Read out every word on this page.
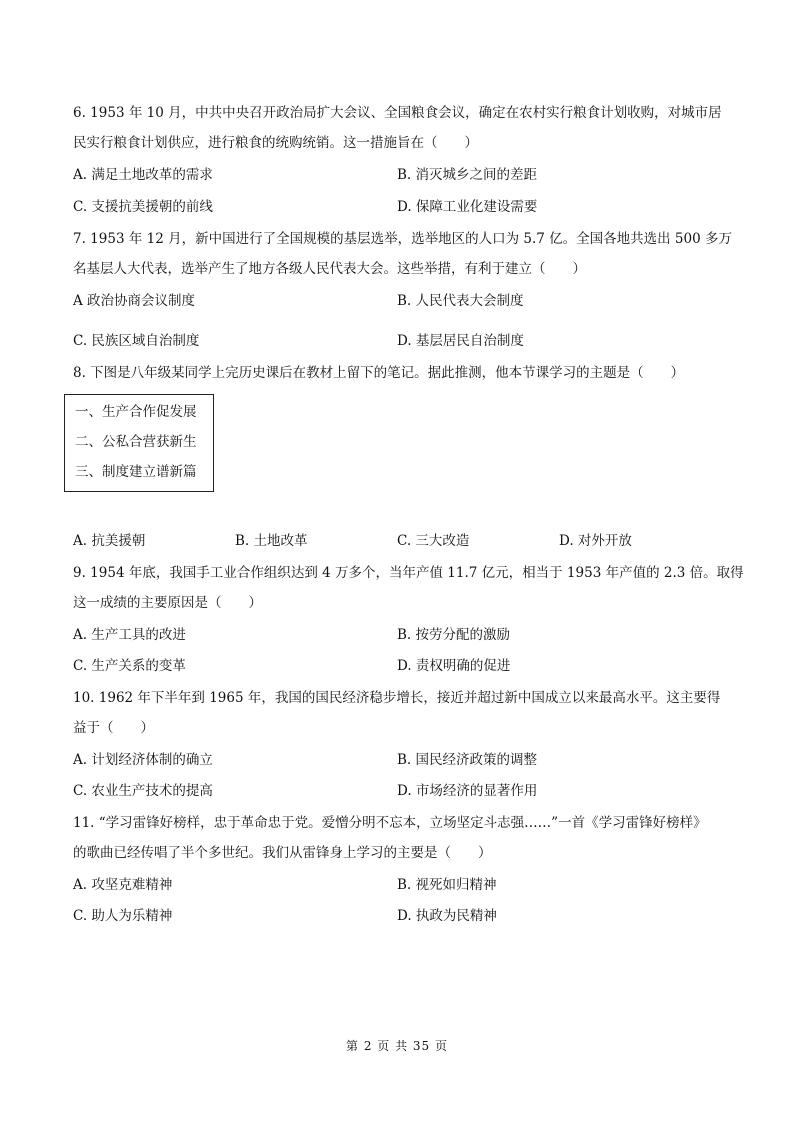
6. 1953 年 10 月，中共中央召开政治局扩大会议、全国粮食会议，确定在农村实行粮食计划收购，对城市居
民实行粮食计划供应，进行粮食的统购统销。这一措施旨在（　　）
A. 满足土地改革的需求	B. 消灭城乡之间的差距
C. 支援抗美援朝的前线	D. 保障工业化建设需要
7. 1953 年 12 月，新中国进行了全国规模的基层选举，选举地区的人口为 5.7 亿。全国各地共选出 500 多万
名基层人大代表，选举产生了地方各级人民代表大会。这些举措，有利于建立（　　）
A 政治协商会议制度	B. 人民代表大会制度
C. 民族区域自治制度	D. 基层居民自治制度
8. 下图是八年级某同学上完历史课后在教材上留下的笔记。据此推测，他本节课学习的主题是（　　）
一、生产合作促发展
二、公私合营获新生
三、制度建立谱新篇
A. 抗美援朝	B. 土地改革	C. 三大改造	D. 对外开放
9. 1954 年底，我国手工业合作组织达到 4 万多个，当年产值 11.7 亿元，相当于 1953 年产值的 2.3 倍。取得
这一成绩的主要原因是（　　）
A. 生产工具的改进	B. 按劳分配的激励
C. 生产关系的变革	D. 责权明确的促进
10. 1962 年下半年到 1965 年，我国的国民经济稳步增长，接近并超过新中国成立以来最高水平。这主要得
益于（　　）
A. 计划经济体制的确立	B. 国民经济政策的调整
C. 农业生产技术的提高	D. 市场经济的显著作用
11. “学习雷锋好榜样，忠于革命忠于党。爱憎分明不忘本，立场坚定斗志强……”一首《学习雷锋好榜样》
的歌曲已经传唱了半个多世纪。我们从雷锋身上学习的主要是（　　）
A. 攻坚克难精神	B. 视死如归精神
C. 助人为乐精神	D. 执政为民精神
第 2 页 共 35 页
